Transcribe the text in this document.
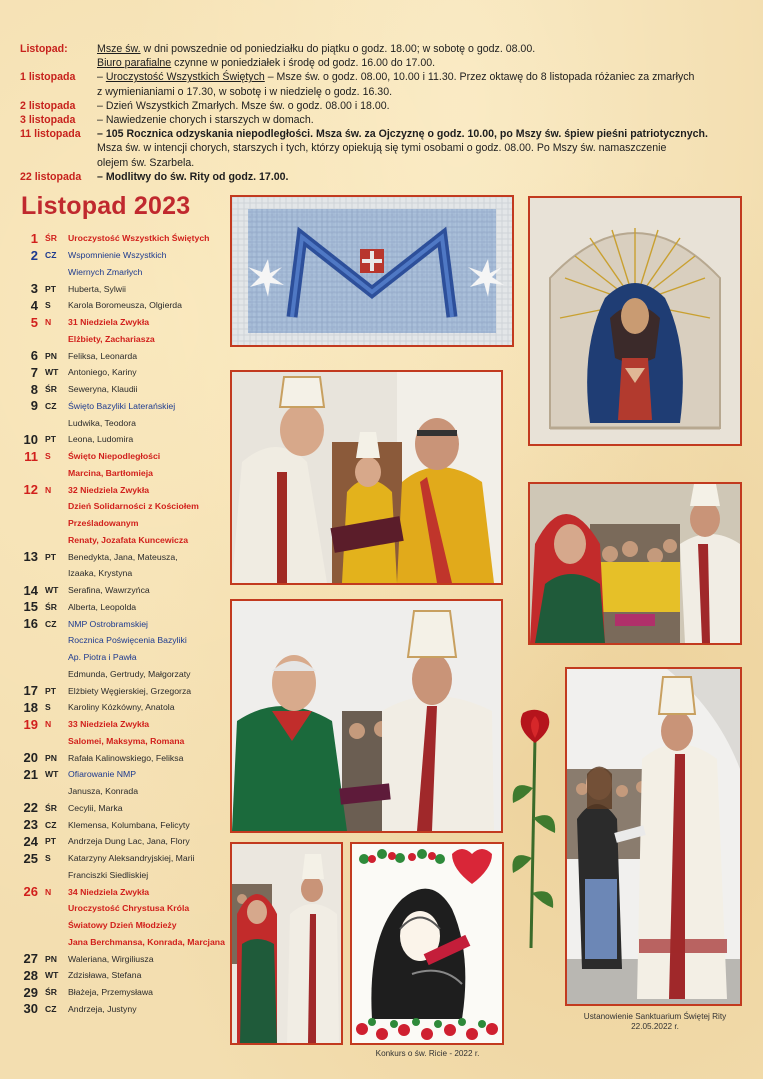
Listopad:	Msze św. w dni powszednie od poniedziałku do piątku o godz. 18.00; w sobotę o godz. 08.00.
Biuro parafialne czynne w poniedziałek i środę od godz. 16.00 do 17.00.
1 listopada	– Uroczystość Wszystkich Świętych – Msze św. o godz. 08.00, 10.00 i 11.30. Przez oktawę do 8 listopada różaniec za zmarłych
z wymienianiami o 17.30, w sobotę i w niedzielę o godz. 16.30.
2 listopada	– Dzień Wszystkich Zmarłych. Msze św. o godz. 08.00 i 18.00.
3 listopada	– Nawiedzenie chorych i starszych w domach.
11 listopada	– 105 Rocznica odzyskania niepodległości. Msza św. za Ojczyznę o godz. 10.00, po Mszy św. śpiew pieśni patriotycznych.
Msza św. w intencji chorych, starszych i tych, którzy opiekują się tymi osobami o godz. 08.00. Po Mszy św. namaszczenie
olejem św. Szarbela.
22 listopada	– Modlitwy do św. Rity od godz. 17.00.
Listopad 2023
1 ŚR	Uroczystość Wszystkich Świętych
2 CZ	Wspomnienie Wszystkich
Wiernych Zmarłych
3 PT	Huberta, Sylwii
4 S	Karola Boromeusza, Olgierda
5 N	31 Niedziela Zwykła
Elżbiety, Zachariasza
6 PN	Feliksa, Leonarda
7 WT	Antoniego, Kariny
8 ŚR	Seweryna, Klaudii
9 CZ	Święto Bazyliki Laterańskiej
Ludwika, Teodora
10 PT	Leona, Ludomira
11 S	Święto Niepodległości
Marcina, Bartłomieja
12 N	32 Niedziela Zwykła
Dzień Solidarności z Kościołem
Prześladowanym
Renaty, Jozafata Kuncewicza
13 PT	Benedykta, Jana, Mateusza,
Izaaka, Krystyna
14 WT	Serafina, Wawrzyńca
15 ŚR	Alberta, Leopolda
16 CZ	NMP Ostrobramskiej
Rocznica Poświęcenia Bazyliki
Ap. Piotra i Pawła
Edmunda, Gertrudy, Małgorzaty
17 PT	Elżbiety Węgierskiej, Grzegorza
18 S	Karoliny Kózkówny, Anatola
19 N	33 Niedziela Zwykła
Salomei, Maksyma, Romana
20 PN	Rafała Kalinowskiego, Feliksa
21 WT	Ofiarowanie NMP
Janusza, Konrada
22 ŚR	Cecylii, Marka
23 CZ	Klemensa, Kolumbana, Felicyty
24 PT	Andrzeja Dung Lac, Jana, Flory
25 S	Katarzyny Aleksandryjskiej, Marii
Franciszki Siedliskiej
26 N	34 Niedziela Zwykła
Uroczystość Chrystusa Króla
Światowy Dzień Młodzieży
Jana Berchmansa, Konrada, Marcjana
27 PN	Waleriana, Wirgiliusza
28 WT	Zdzisława, Stefana
29 ŚR	Błażeja, Przemysława
30 CZ	Andrzeja, Justyny
Ustanowienie Sanktuarium Świętej Rity
22.05.2022 r.
Konkurs o św. Ricie - 2022 r.
